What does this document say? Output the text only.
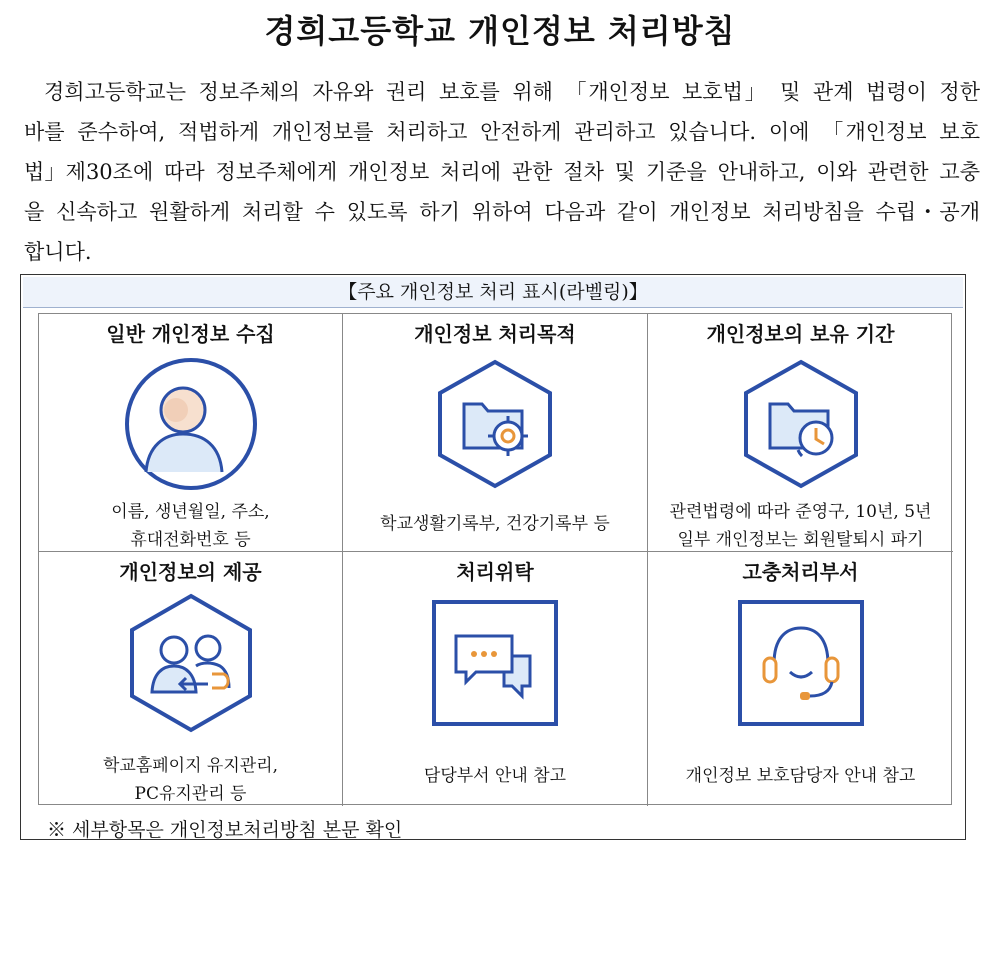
경희고등학교 개인정보 처리방침
경희고등학교는 정보주체의 자유와 권리 보호를 위해 「개인정보 보호법」 및 관계 법령이 정한 바를 준수하여, 적법하게 개인정보를 처리하고 안전하게 관리하고 있습니다. 이에 「개인정보 보호법」제30조에 따라 정보주체에게 개인정보 처리에 관한 절차 및 기준을 안내하고, 이와 관련한 고충을 신속하고 원활하게 처리할 수 있도록 하기 위하여 다음과 같이 개인정보 처리방침을 수립・공개합니다.
【주요 개인정보 처리 표시(라벨링)】
일반 개인정보 수집
이름, 생년월일, 주소,
휴대전화번호 등
개인정보 처리목적
학교생활기록부, 건강기록부 등
개인정보의 보유 기간
관련법령에 따라 준영구, 10년, 5년
일부 개인정보는 회원탈퇴시 파기
개인정보의 제공
학교홈페이지 유지관리,
PC유지관리 등
처리위탁
담당부서 안내 참고
고충처리부서
개인정보 보호담당자 안내 참고
※ 세부항목은 개인정보처리방침 본문 확인
